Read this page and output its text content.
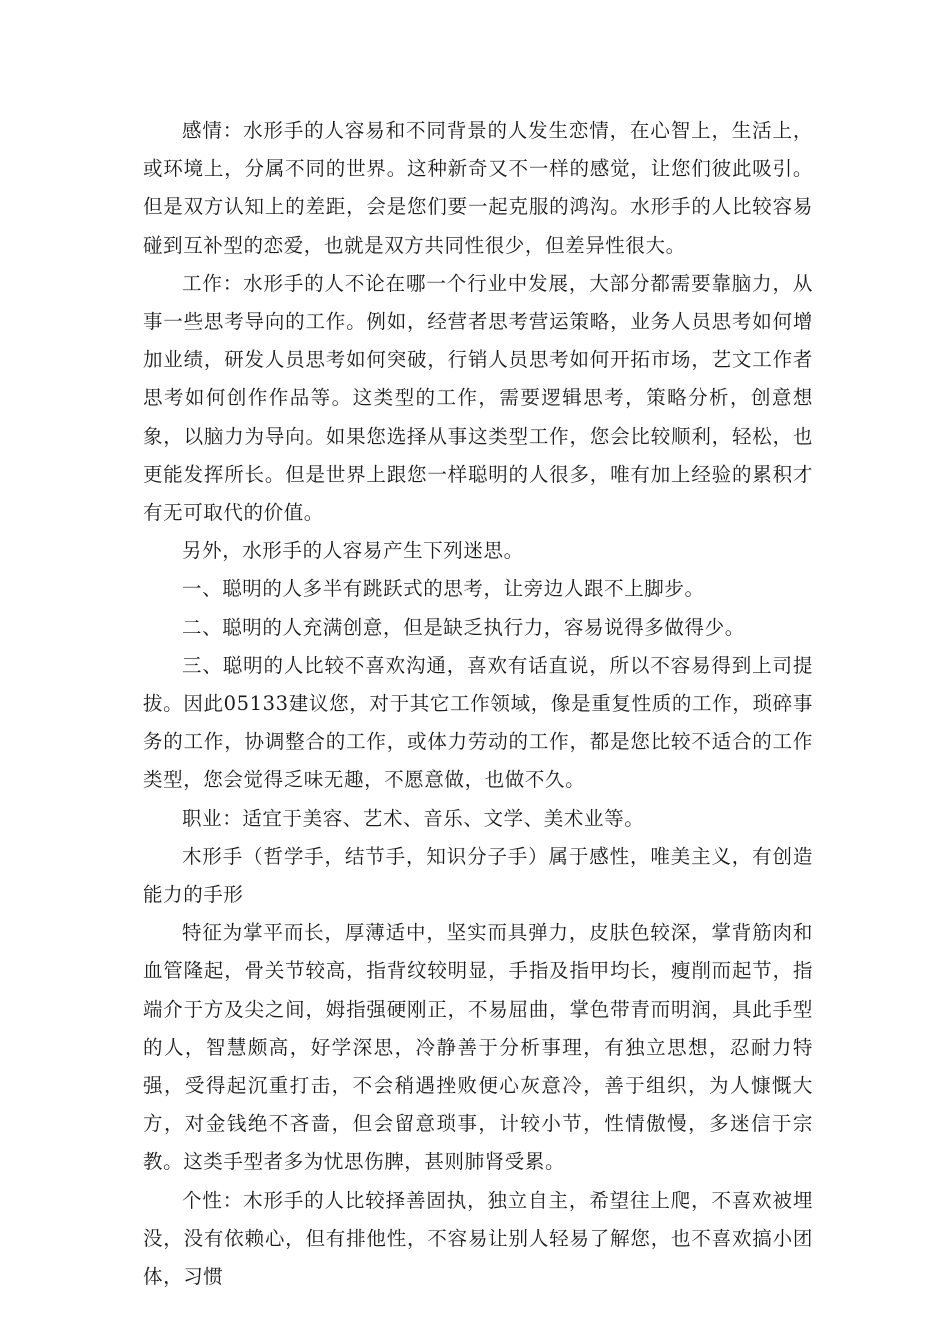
感情：水形手的人容易和不同背景的人发生恋情，在心智上，生活上，或环境上，分属不同的世界。这种新奇又不一样的感觉，让您们彼此吸引。但是双方认知上的差距，会是您们要一起克服的鸿沟。水形手的人比较容易碰到互补型的恋爱，也就是双方共同性很少，但差异性很大。

工作：水形手的人不论在哪一个行业中发展，大部分都需要靠脑力，从事一些思考导向的工作。例如，经营者思考营运策略，业务人员思考如何增加业绩，研发人员思考如何突破，行销人员思考如何开拓市场，艺文工作者思考如何创作作品等。这类型的工作，需要逻辑思考，策略分析，创意想象，以脑力为导向。如果您选择从事这类型工作，您会比较顺利，轻松，也更能发挥所长。但是世界上跟您一样聪明的人很多，唯有加上经验的累积才有无可取代的价值。

另外，水形手的人容易产生下列迷思。

一、聪明的人多半有跳跃式的思考，让旁边人跟不上脚步。

二、聪明的人充满创意，但是缺乏执行力，容易说得多做得少。

三、聪明的人比较不喜欢沟通，喜欢有话直说，所以不容易得到上司提拔。因此05133建议您，对于其它工作领域，像是重复性质的工作，琐碎事务的工作，协调整合的工作，或体力劳动的工作，都是您比较不适合的工作类型，您会觉得乏味无趣，不愿意做，也做不久。

职业：适宜于美容、艺术、音乐、文学、美术业等。

木形手（哲学手，结节手，知识分子手）属于感性，唯美主义，有创造能力的手形

特征为掌平而长，厚薄适中，坚实而具弹力，皮肤色较深，掌背筋肉和血管隆起，骨关节较高，指背纹较明显，手指及指甲均长，瘦削而起节，指端介于方及尖之间，姆指强硬刚正，不易屈曲，掌色带青而明润，具此手型的人，智慧颇高，好学深思，冷静善于分析事理，有独立思想，忍耐力特强，受得起沉重打击，不会稍遇挫败便心灰意冷，善于组织，为人慷慨大方，对金钱绝不吝啬，但会留意琐事，计较小节，性情傲慢，多迷信于宗教。这类手型者多为忧思伤脾，甚则肺肾受累。

个性：木形手的人比较择善固执，独立自主，希望往上爬，不喜欢被埋没，没有依赖心，但有排他性，不容易让别人轻易了解您，也不喜欢搞小团体，习惯
